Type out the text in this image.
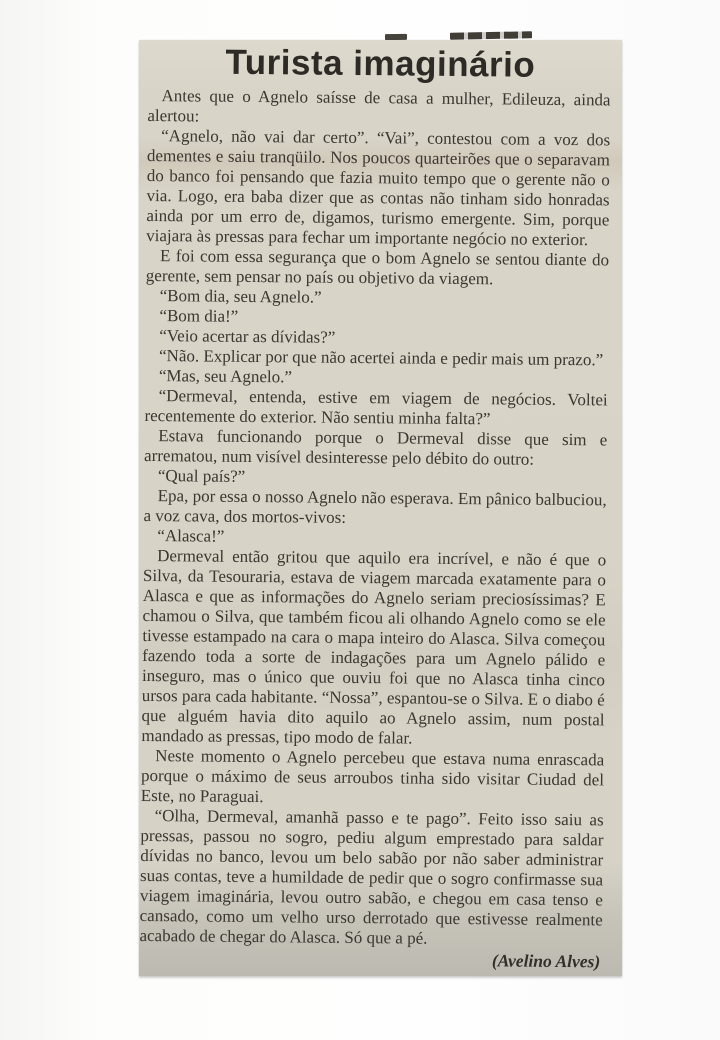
Turista imaginário

Antes que o Agnelo saísse de casa a mulher, Edileuza, ainda alertou:

“Agnelo, não vai dar certo”. “Vai”, contestou com a voz dos dementes e saiu tranqüilo. Nos poucos quarteirões que o separavam do banco foi pensando que fazia muito tempo que o gerente não o via. Logo, era baba dizer que as contas não tinham sido honradas ainda por um erro de, digamos, turismo emergente. Sim, porque viajara às pressas para fechar um importante negócio no exterior.

E foi com essa segurança que o bom Agnelo se sentou diante do gerente, sem pensar no país ou objetivo da viagem.

“Bom dia, seu Agnelo.”

“Bom dia!”

“Veio acertar as dívidas?”

“Não. Explicar por que não acertei ainda e pedir mais um prazo.”

“Mas, seu Agnelo.”

“Dermeval, entenda, estive em viagem de negócios. Voltei recentemente do exterior. Não sentiu minha falta?”

Estava funcionando porque o Dermeval disse que sim e arrematou, num visível desinteresse pelo débito do outro:

“Qual país?”

Epa, por essa o nosso Agnelo não esperava. Em pânico balbuciou, a voz cava, dos mortos-vivos:

“Alasca!”

Dermeval então gritou que aquilo era incrível, e não é que o Silva, da Tesouraria, estava de viagem marcada exatamente para o Alasca e que as informações do Agnelo seriam preciosíssimas? E chamou o Silva, que também ficou ali olhando Agnelo como se ele tivesse estampado na cara o mapa inteiro do Alasca. Silva começou fazendo toda a sorte de indagações para um Agnelo pálido e inseguro, mas o único que ouviu foi que no Alasca tinha cinco ursos para cada habitante. “Nossa”, espantou-se o Silva. E o diabo é que alguém havia dito aquilo ao Agnelo assim, num postal mandado as pressas, tipo modo de falar.

Neste momento o Agnelo percebeu que estava numa enrascada porque o máximo de seus arroubos tinha sido visitar Ciudad del Este, no Paraguai.

“Olha, Dermeval, amanhã passo e te pago”. Feito isso saiu as pressas, passou no sogro, pediu algum emprestado para saldar dívidas no banco, levou um belo sabão por não saber administrar suas contas, teve a humildade de pedir que o sogro confirmasse sua viagem imaginária, levou outro sabão, e chegou em casa tenso e cansado, como um velho urso derrotado que estivesse realmente acabado de chegar do Alasca. Só que a pé.

(Avelino Alves)
